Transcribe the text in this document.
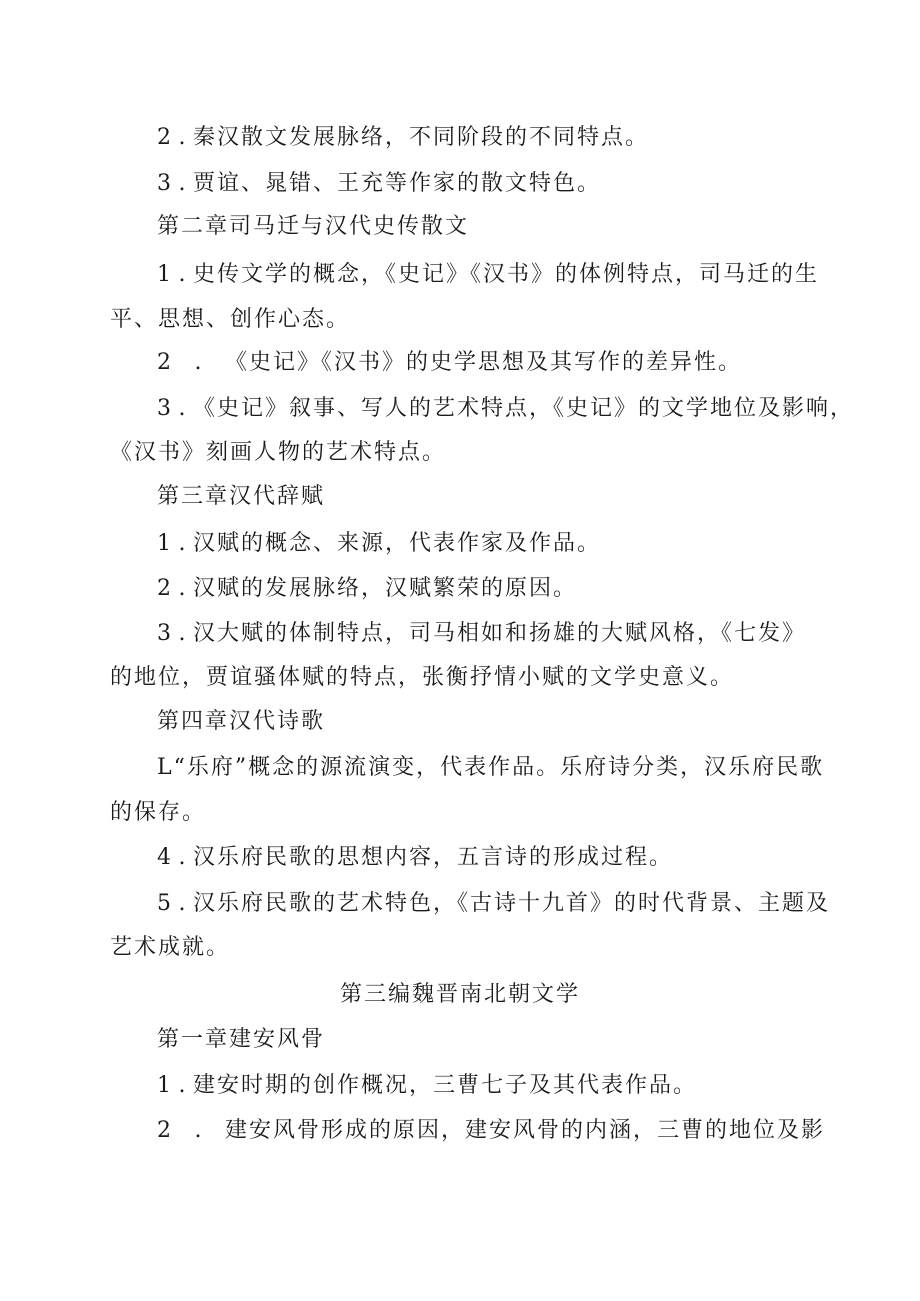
2 . 秦汉散文发展脉络，不同阶段的不同特点。
3 . 贾谊、晁错、王充等作家的散文特色。
第二章司马迁与汉代史传散文
1 . 史传文学的概念，《史记》《汉书》的体例特点，司马迁的生
平、思想、创作心态。
2 . 《史记》《汉书》的史学思想及其写作的差异性。
3 . 《史记》叙事、写人的艺术特点，《史记》的文学地位及影响，
《汉书》刻画人物的艺术特点。
第三章汉代辞赋
1 . 汉赋的概念、来源，代表作家及作品。
2 . 汉赋的发展脉络，汉赋繁荣的原因。
3 . 汉大赋的体制特点，司马相如和扬雄的大赋风格，《七发》
的地位，贾谊骚体赋的特点，张衡抒情小赋的文学史意义。
第四章汉代诗歌
L“乐府”概念的源流演变，代表作品。乐府诗分类，汉乐府民歌
的保存。
4 . 汉乐府民歌的思想内容，五言诗的形成过程。
5 . 汉乐府民歌的艺术特色，《古诗十九首》的时代背景、主题及
艺术成就。
第三编魏晋南北朝文学
第一章建安风骨
1 . 建安时期的创作概况，三曹七子及其代表作品。
2 . 建安风骨形成的原因，建安风骨的内涵，三曹的地位及影
